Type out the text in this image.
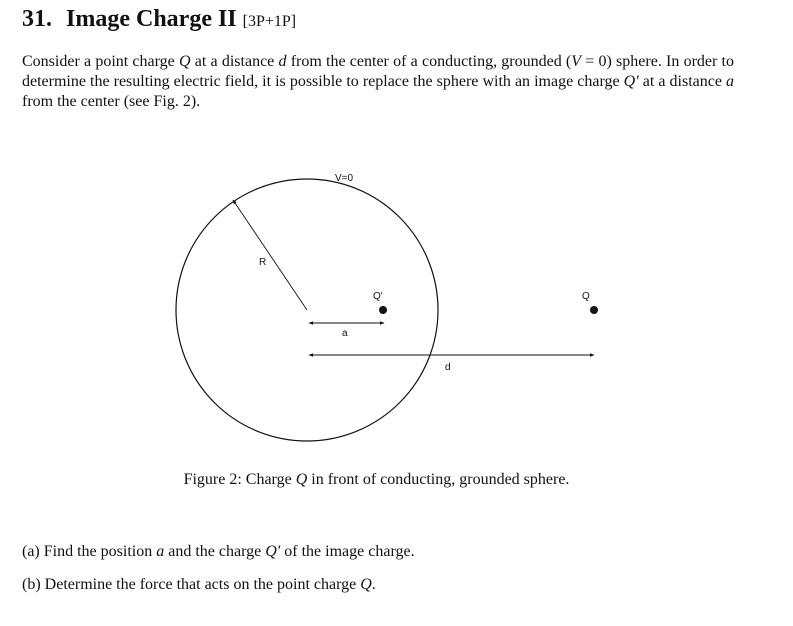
31. Image Charge II [3P+1P]
Consider a point charge Q at a distance d from the center of a conducting, grounded (V = 0) sphere. In order to determine the resulting electric field, it is possible to replace the sphere with an image charge Q′ at a distance a from the center (see Fig. 2).
V=0
R
Q'	Q
a
d
Figure 2: Charge Q in front of conducting, grounded sphere.
(a) Find the position a and the charge Q′ of the image charge.
(b) Determine the force that acts on the point charge Q.
